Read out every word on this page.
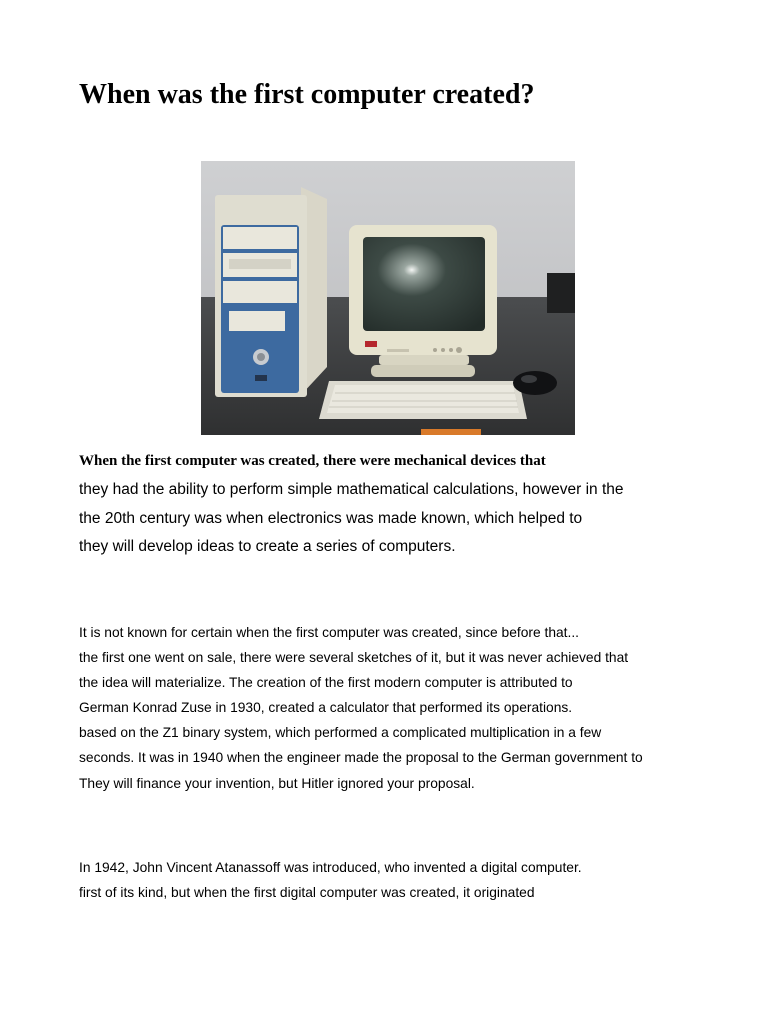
When was the first computer created?

When the first computer was created, there were mechanical devices that

they had the ability to perform simple mathematical calculations, however in the
the 20th century was when electronics was made known, which helped to
they will develop ideas to create a series of computers.
It is not known for certain when the first computer was created, since before that...
the first one went on sale, there were several sketches of it, but it was never achieved that
the idea will materialize. The creation of the first modern computer is attributed to
German Konrad Zuse in 1930, created a calculator that performed its operations.
based on the Z1 binary system, which performed a complicated multiplication in a few
seconds. It was in 1940 when the engineer made the proposal to the German government to
They will finance your invention, but Hitler ignored your proposal.
In 1942, John Vincent Atanassoff was introduced, who invented a digital computer.
first of its kind, but when the first digital computer was created, it originated
